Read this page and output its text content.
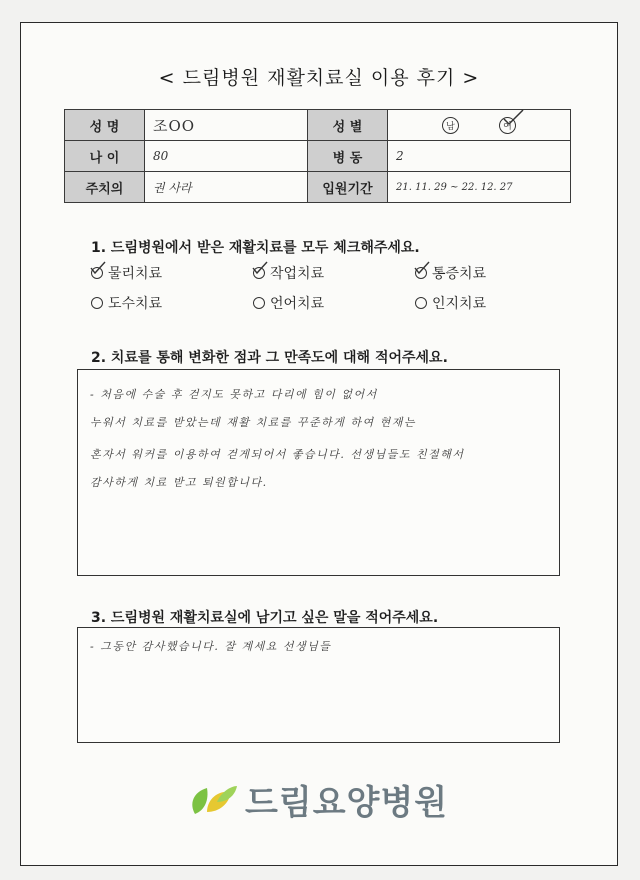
< 드림병원 재활치료실 이용 후기 >
성 명	조OO	성 별	남 여

나 이	80	병 동	2
주치의	권 사라	입원기간	21. 11. 29 ~ 22. 12. 27
1. 드림병원에서 받은 재활치료를 모두 체크해주세요.
물리치료	작업치료	통증치료
도수치료	언어치료	인지치료
2. 치료를 통해 변화한 점과 그 만족도에 대해 적어주세요.
- 처음에 수술 후 걷지도 못하고 다리에 힘이 없어서
누워서 치료를 받았는데 재활 치료를 꾸준하게 하여 현재는
혼자서 워커를 이용하여 걷게되어서 좋습니다. 선생님들도 친절해서
감사하게 치료 받고 퇴원합니다.
3. 드림병원 재활치료실에 남기고 싶은 말을 적어주세요.
- 그동안 감사했습니다. 잘 계세요 선생님들
드림요양병원
